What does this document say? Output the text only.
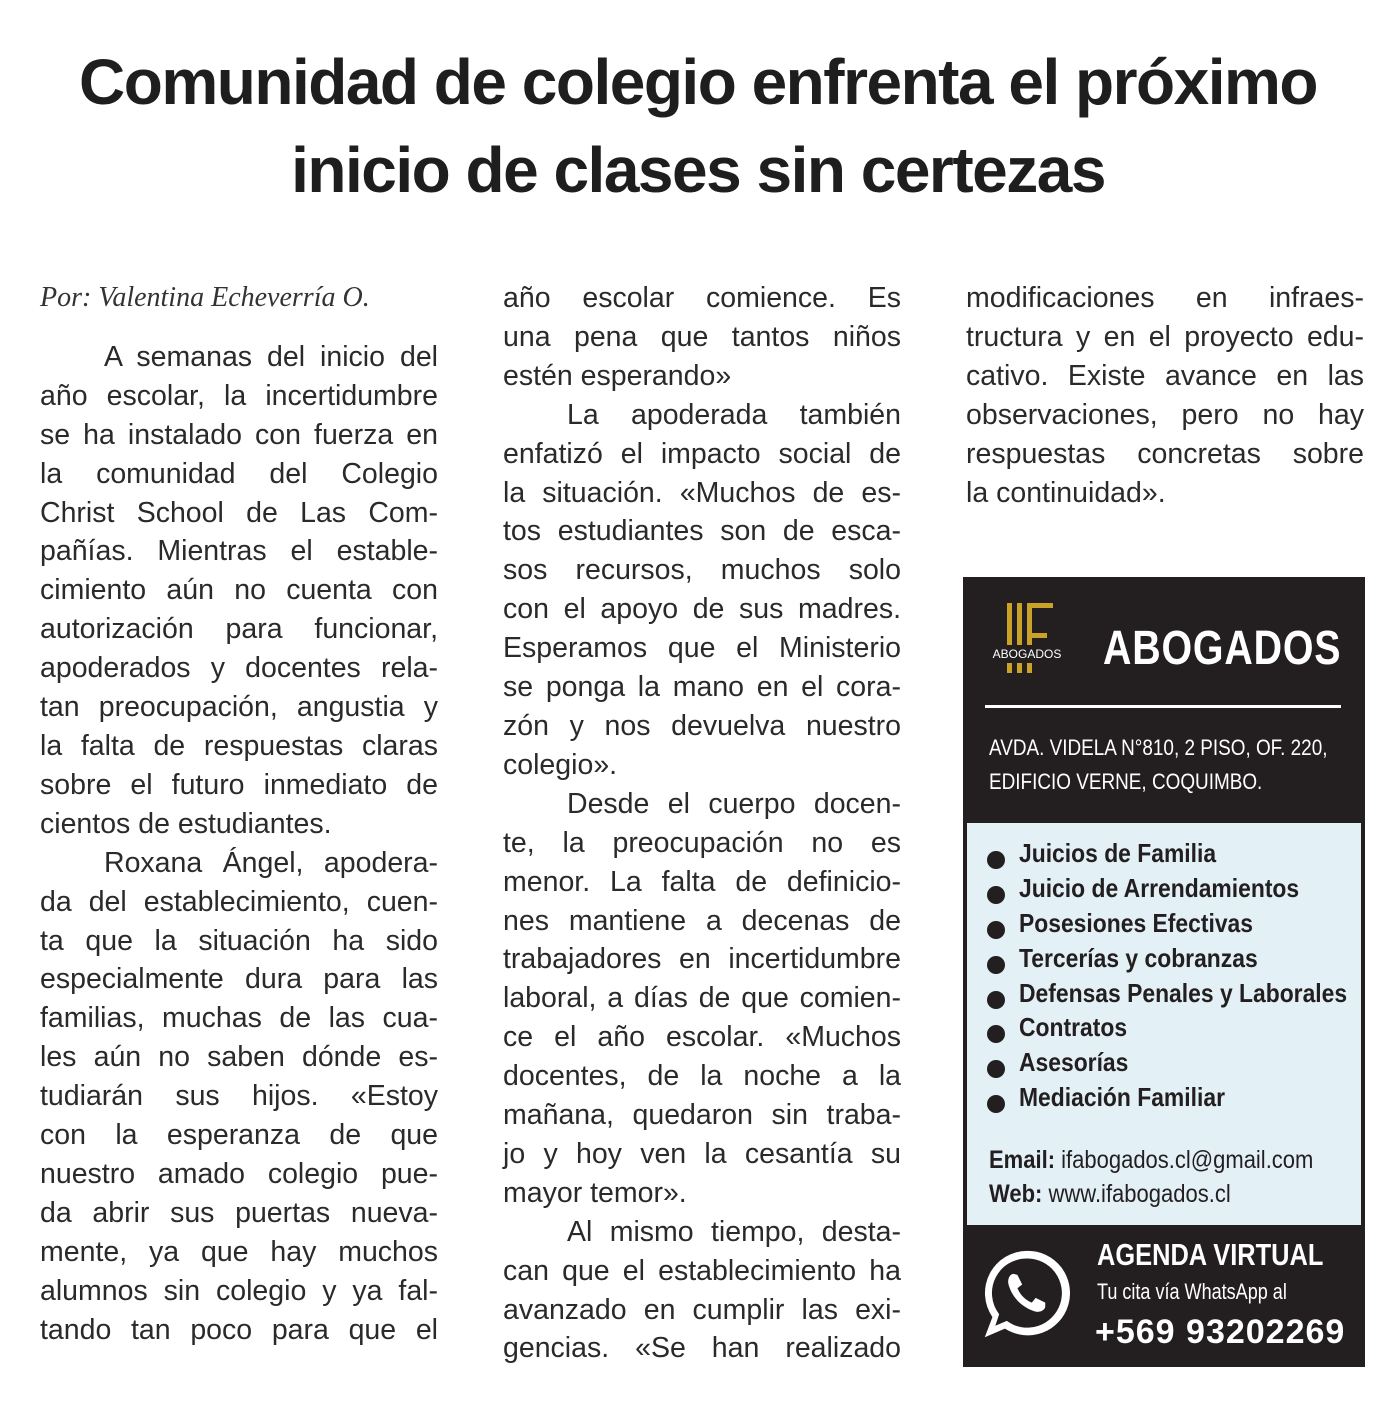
Comunidad de colegio enfrenta el próximo
inicio de clases sin certezas
Por: Valentina Echeverría O.
A semanas del inicio del
año escolar, la incertidumbre
se ha instalado con fuerza en
la comunidad del Colegio
Christ School de Las Com-
pañías. Mientras el estable-
cimiento aún no cuenta con
autorización para funcionar,
apoderados y docentes rela-
tan preocupación, angustia y
la falta de respuestas claras
sobre el futuro inmediato de
cientos de estudiantes.
Roxana Ángel, apodera-
da del establecimiento, cuen-
ta que la situación ha sido
especialmente dura para las
familias, muchas de las cua-
les aún no saben dónde es-
tudiarán sus hijos. «Estoy
con la esperanza de que
nuestro amado colegio pue-
da abrir sus puertas nueva-
mente, ya que hay muchos
alumnos sin colegio y ya fal-
tando tan poco para que el
año escolar comience. Es
una pena que tantos niños
estén esperando»
La apoderada también
enfatizó el impacto social de
la situación. «Muchos de es-
tos estudiantes son de esca-
sos recursos, muchos solo
con el apoyo de sus madres.
Esperamos que el Ministerio
se ponga la mano en el cora-
zón y nos devuelva nuestro
colegio».
Desde el cuerpo docen-
te, la preocupación no es
menor. La falta de definicio-
nes mantiene a decenas de
trabajadores en incertidumbre
laboral, a días de que comien-
ce el año escolar. «Muchos
docentes, de la noche a la
mañana, quedaron sin traba-
jo y hoy ven la cesantía su
mayor temor».
Al mismo tiempo, desta-
can que el establecimiento ha
avanzado en cumplir las exi-
gencias. «Se han realizado
modificaciones en infraes-
tructura y en el proyecto edu-
cativo. Existe avance en las
observaciones, pero no hay
respuestas concretas sobre
la continuidad».
ABOGADOS ABOGADOS
AVDA. VIDELA N°810, 2 PISO, OF. 220,
EDIFICIO VERNE, COQUIMBO.
Juicios de Familia
Juicio de Arrendamientos
Posesiones Efectivas
Tercerías y cobranzas
Defensas Penales y Laborales
Contratos
Asesorías
Mediación Familiar
Email: ifabogados.cl@gmail.com
Web: www.ifabogados.cl
AGENDA VIRTUAL
Tu cita vía WhatsApp al
+569 93202269
